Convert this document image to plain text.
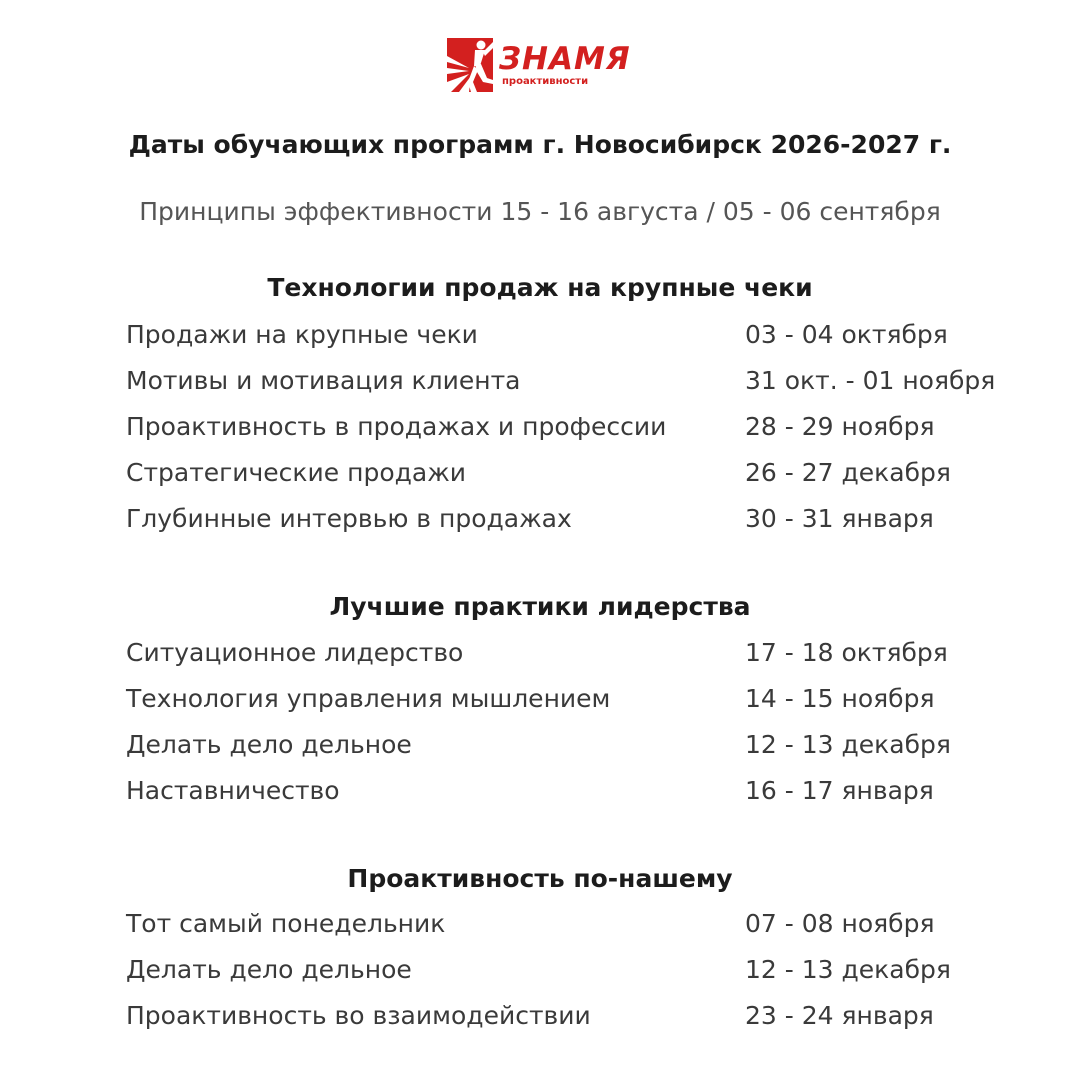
ЗНАМЯ
проактивности
Даты обучающих программ г. Новосибирск 2026-2027 г.
Принципы эффективности 15 - 16 августа / 05 - 06 сентября
Технологии продаж на крупные чеки
Продажи на крупные чеки	03 - 04 октября
Мотивы и мотивация клиента	31 окт. - 01 ноября
Проактивность в продажах и профессии	28 - 29 ноября
Стратегические продажи	26 - 27 декабря
Глубинные интервью в продажах	30 - 31 января
Лучшие практики лидерства
Ситуационное лидерство	17 - 18 октября
Технология управления мышлением	14 - 15 ноября
Делать дело дельное	12 - 13 декабря
Наставничество	16 - 17 января
Проактивность по-нашему
Тот самый понедельник	07 - 08 ноября
Делать дело дельное	12 - 13 декабря
Проактивность во взаимодействии	23 - 24 января
